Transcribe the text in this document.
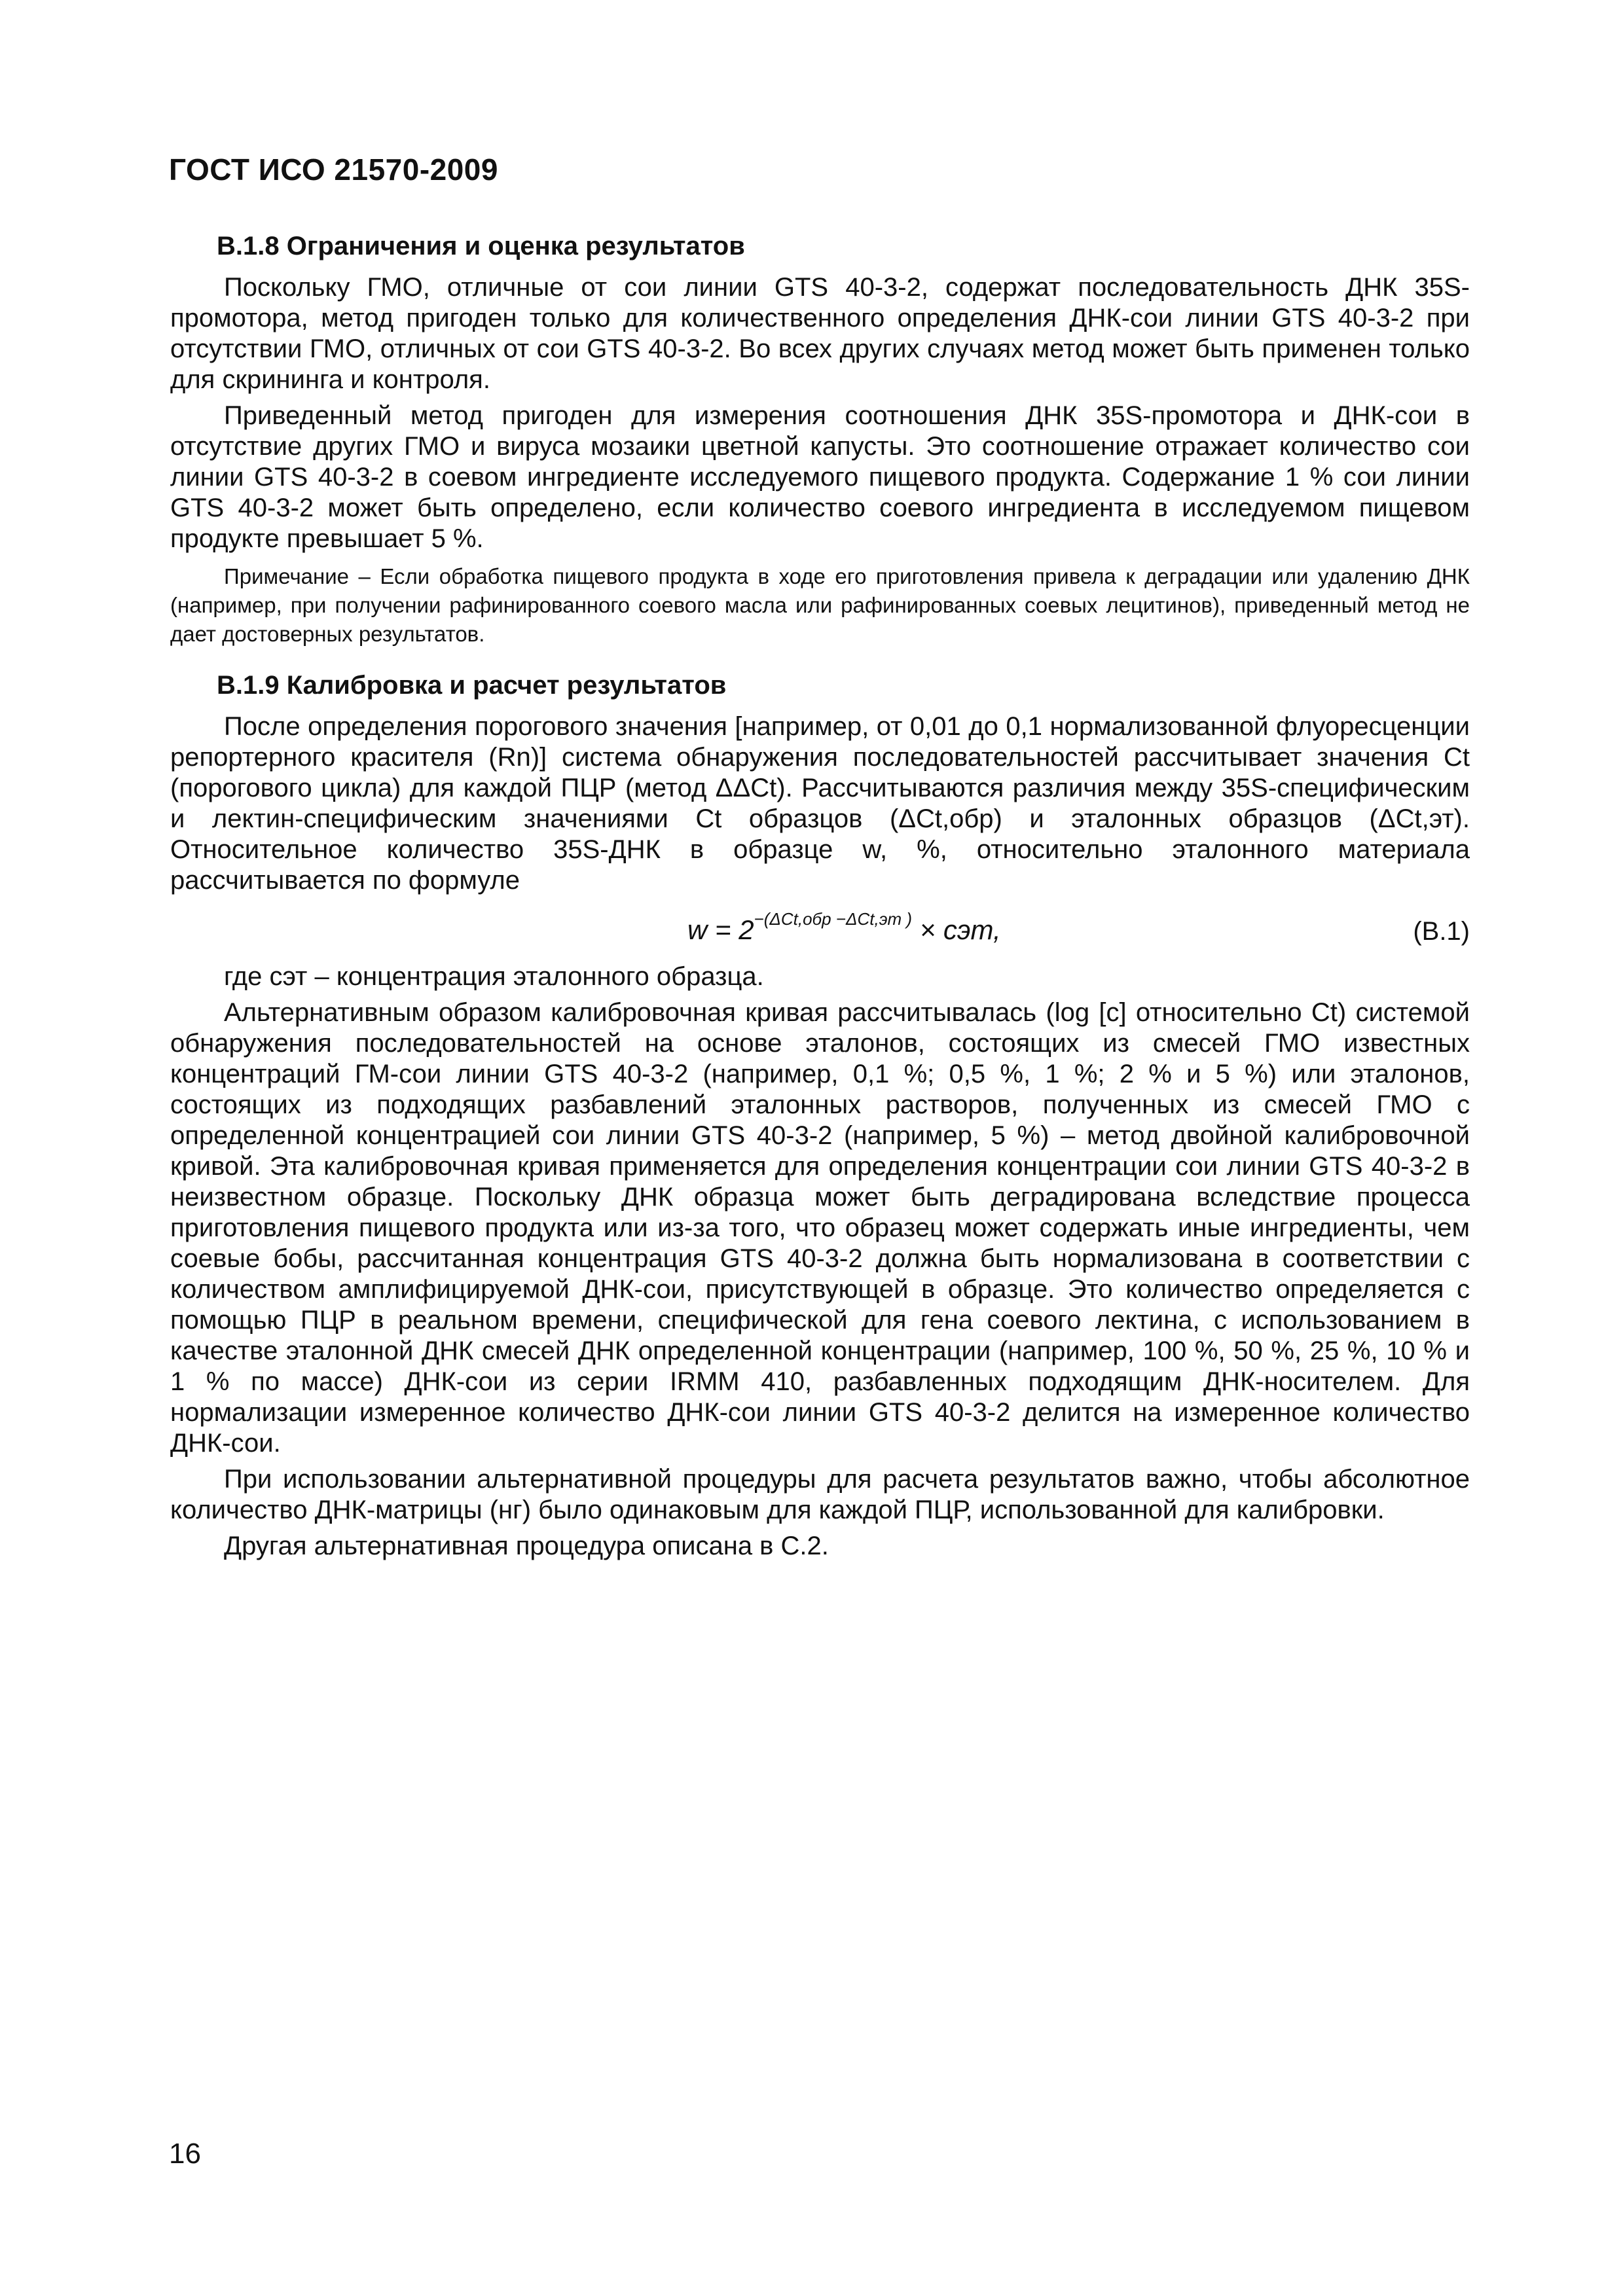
ГОСТ ИСО 21570-2009
B.1.8 Ограничения и оценка результатов

Поскольку ГМО, отличные от сои линии GTS 40-3-2, содержат последовательность ДНК 35S-промотора, метод пригоден только для количественного определения ДНК-сои линии GTS 40-3-2 при отсутствии ГМО, отличных от сои GTS 40-3-2. Во всех других случаях метод может быть применен только для скрининга и контроля.

Приведенный метод пригоден для измерения соотношения ДНК 35S-промотора и ДНК-сои в отсутствие других ГМО и вируса мозаики цветной капусты. Это соотношение отражает количество сои линии GTS 40-3-2 в соевом ингредиенте исследуемого пищевого продукта. Содержание 1 % сои линии GTS 40-3-2 может быть определено, если количество соевого ингредиента в исследуемом пищевом продукте превышает 5 %.

Примечание – Если обработка пищевого продукта в ходе его приготовления привела к деградации или удалению ДНК (например, при получении рафинированного соевого масла или рафинированных соевых лецитинов), приведенный метод не дает достоверных результатов.

B.1.9 Калибровка и расчет результатов

После определения порогового значения [например, от 0,01 до 0,1 нормализованной флуоресценции репортерного красителя (Rn)] система обнаружения последовательностей рассчитывает значения Ct (порогового цикла) для каждой ПЦР (метод ΔΔCt). Рассчитываются различия между 35S-специфическим и лектин-специфическим значениями Ct образцов (ΔCt,обр) и эталонных образцов (ΔCt,эт). Относительное количество 35S-ДНК в образце w, %, относительно эталонного материала рассчитывается по формуле

$w = 2^{-(\Delta Ct,обр -\Delta Ct,эт )}$ × cэт,	(B.1)

где cэт – концентрация эталонного образца.

Альтернативным образом калибровочная кривая рассчитывалась (log [c] относительно Ct) системой обнаружения последовательностей на основе эталонов, состоящих из смесей ГМО известных концентраций ГМ-сои линии GTS 40-3-2 (например, 0,1 %; 0,5 %, 1 %; 2 % и 5 %) или эталонов, состоящих из подходящих разбавлений эталонных растворов, полученных из смесей ГМО с определенной концентрацией сои линии GTS 40-3-2 (например, 5 %) – метод двойной калибровочной кривой. Эта калибровочная кривая применяется для определения концентрации сои линии GTS 40-3-2 в неизвестном образце. Поскольку ДНК образца может быть деградирована вследствие процесса приготовления пищевого продукта или из-за того, что образец может содержать иные ингредиенты, чем соевые бобы, рассчитанная концентрация GTS 40-3-2 должна быть нормализована в соответствии с количеством амплифицируемой ДНК-сои, присутствующей в образце. Это количество определяется с помощью ПЦР в реальном времени, специфической для гена соевого лектина, с использованием в качестве эталонной ДНК смесей ДНК определенной концентрации (например, 100 %, 50 %, 25 %, 10 % и 1 % по массе) ДНК-сои из серии IRMM 410, разбавленных подходящим ДНК-носителем. Для нормализации измеренное количество ДНК-сои линии GTS 40-3-2 делится на измеренное количество ДНК-сои.

При использовании альтернативной процедуры для расчета результатов важно, чтобы абсолютное количество ДНК-матрицы (нг) было одинаковым для каждой ПЦР, использованной для калибровки.

Другая альтернативная процедура описана в С.2.

16
